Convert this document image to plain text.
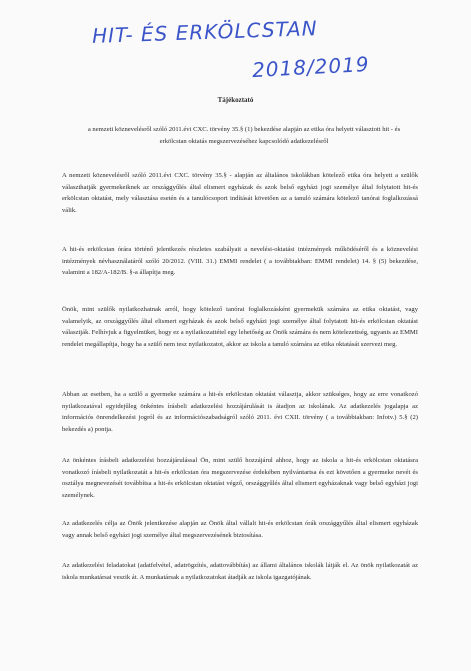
HIT- ÉS ERKÖLCSTAN
2018/2019
Tájékoztató
a nemzeti köznevelésről szóló 2011.évi CXC. törvény 35.§ (1) bekezdése alapján az etika óra helyett választott hit - és erkölcstan oktatás megszervezéséhez kapcsolódó adatkezelésről
A nemzeti köznevelésről szóló 2011.évi CXC. törvény 35.§ - alapján az általános iskolákban kötelező etika óra helyett a szülők választhatják gyermekeiknek az országgyűlés által elismert egyházak és azok belső egyházi jogi személye által folytatott hit-és erkölcstan oktatást, mely választása esetén és a tanulócsoport indítását követően az a tanuló számára kötelező tanórai foglalkozássá válik.
A hit-és erkölcstan órára történő jelentkezés részletes szabályait a nevelési-oktatási intézmények működéséről és a köznevelési intézmények névhasználatáról szóló 20/2012. (VIII. 31.) EMMI rendelet ( a továbbiakban: EMMI rendelet) 14. § (5) bekezdése, valamint a 182/A-182/B. §-a állapítja meg.
Önök, mint szülők nyilatkozhatnak arról, hogy kötelező tanórai foglalkozásként gyermekük számára az etika oktatást, vagy valamelyik, az országgyűlés által elismert egyházak és azok belső egyházi jogi személye által folytatott hit-és erkölcstan oktatást választják. Felhívjuk a figyelmüket, hogy ez a nyilatkozattétel egy lehetőség az Önök számára és nem kötelezettség, ugyanis az EMMI rendelet megállapítja, hogy ha a szülő nem tesz nyilatkozatot, akkor az iskola a tanuló számára az etika oktatását szervezi meg.
Abban az esetben, ha a szülő a gyermeke számára a hit-és erkölcstan oktatást választja, akkor szükséges, hogy az erre vonatkozó nyilatkozatával egyidejűleg önkéntes írásbeli adatkezelési hozzájárulását is átadjon az iskolának. Az adatkezelés jogalapja az információs önrendelkezési jogról és az információszabadságról szóló 2011. évi CXII. törvény ( a továbbiakban: Infotv.) 5.§ (2) bekezdés a) pontja.
Az önkéntes írásbeli adatkezelési hozzájárulással Ön, mint szülő hozzájárul ahhoz, hogy az iskola a hit-és erkölcstan oktatásra vonatkozó írásbeli nyilatkozatát a hit-és erkölcstan óra megszervezése érdekében nyilvántartsa és ezt követően a gyermeke nevét és osztálya megnevezését továbbítsa a hit-és erkölcstan oktatást végző, országgyűlés által elismert egyházaknak vagy belső egyházi jogi személynek.
Az adatkezelés célja az Önök jelentkezése alapján az Önök által vállalt hit-és erkölcstan órák országgyűlés által elismert egyházak vagy annak belső egyházi jogi személye által megszervezésének biztosítása.
Az adatkezelési feladatokat (adatfelvétel, adatrögzítés, adattovábbítás) az állami általános iskolák látják el. Az önök nyilatkozatát az iskola munkatársai veszik át. A munkatársak a nyilatkozatokat átadják az iskola igazgatójának.
